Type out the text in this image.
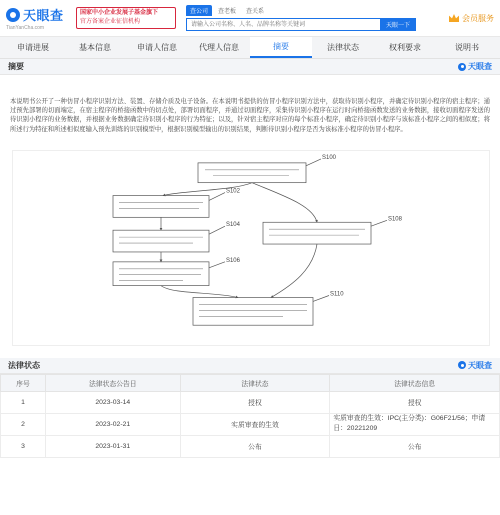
天眼查
TianYanCha.com
国家中小企业发展子基金旗下
官方备案企业征信机构
查公司	查老板	查关系
请输入公司名称、人名、品牌名称等关键词
天眼一下
会员服务
申请进展	基本信息	申请人信息	代理人信息	摘要	法律状态	权利要求	说明书
摘要	天眼查

本说明书公开了一种仿冒小程序识别方法、装置、存储介质及电子设备。在本说明书提供的仿冒小程序识别方法中，获取待识别小程序，并确定待识别小程序的宿主程序；通过预先部署的切面端定，在宿主程序的桥接函数中的切点处，部署切面程序，并通过切面程序，采集待识别小程序在运行时向桥接函数发送的业务数据，接收切面程序发送的待识别小程序的业务数据，并根据业务数据确定待识别小程序的行为特征；以及，针对宿主程序对应的每个标准小程序，确定待识别小程序与该标准小程序之间的相似度；将所述行为特征和所述相似度输入预先训练的识别模型中，根据识别模型输出的识别结果，判断待识别小程序是否为该标准小程序的仿冒小程序。

S100
S102
S104
S106
S108
S110
法律状态	天眼查
序号	法律状态公告日	法律状态	法律状态信息
1	2023-03-14	授权	授权
2	2023-02-21	实质审查的生效	实质审查的生效：IPC(主分类)：G06F21/56；申请日：20221209
3	2023-01-31	公布	公布
